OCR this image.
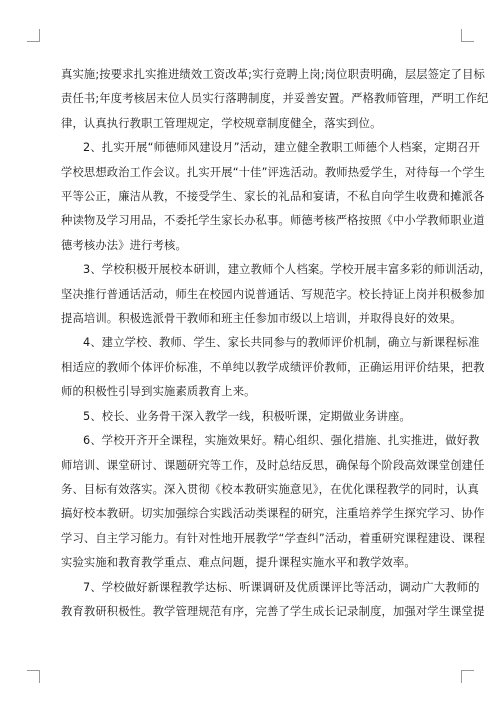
真实施;按要求扎实推进绩效工资改革;实行竞聘上岗;岗位职责明确，层层签定了目标

责任书;年度考核居末位人员实行落聘制度，并妥善安置。严格教师管理，严明工作纪

律，认真执行教职工管理规定，学校规章制度健全，落实到位。

2、扎实开展“师德师风建设月”活动，建立健全教职工师德个人档案，定期召开

学校思想政治工作会议。扎实开展“十佳”评选活动。教师热爱学生，对待每一个学生

平等公正，廉洁从教，不接受学生、家长的礼品和宴请，不私自向学生收费和摊派各

种读物及学习用品，不委托学生家长办私事。师德考核严格按照《中小学教师职业道

德考核办法》进行考核。

3、学校积极开展校本研训，建立教师个人档案。学校开展丰富多彩的师训活动，

坚决推行普通话活动，师生在校园内说普通话、写规范字。校长持证上岗并积极参加

提高培训。积极选派骨干教师和班主任参加市级以上培训，并取得良好的效果。

4、建立学校、教师、学生、家长共同参与的教师评价机制，确立与新课程标准

相适应的教师个体评价标准，不单纯以教学成绩评价教师，正确运用评价结果，把教

师的积极性引导到实施素质教育上来。

5、校长、业务骨干深入教学一线，积极听课，定期做业务讲座。

6、学校开齐开全课程，实施效果好。精心组织、强化措施、扎实推进，做好教

师培训、课堂研讨、课题研究等工作，及时总结反思，确保每个阶段高效课堂创建任

务、目标有效落实。深入贯彻《校本教研实施意见》，在优化课程教学的同时，认真

搞好校本教研。切实加强综合实践活动类课程的研究，注重培养学生探究学习、协作

学习、自主学习能力。有针对性地开展教学“学查纠”活动，着重研究课程建设、课程

实验实施和教育教学重点、难点问题，提升课程实施水平和教学效率。

7、学校做好新课程教学达标、听课调研及优质课评比等活动，调动广大教师的

教育教研积极性。教学管理规范有序，完善了学生成长记录制度，加强对学生课堂提
